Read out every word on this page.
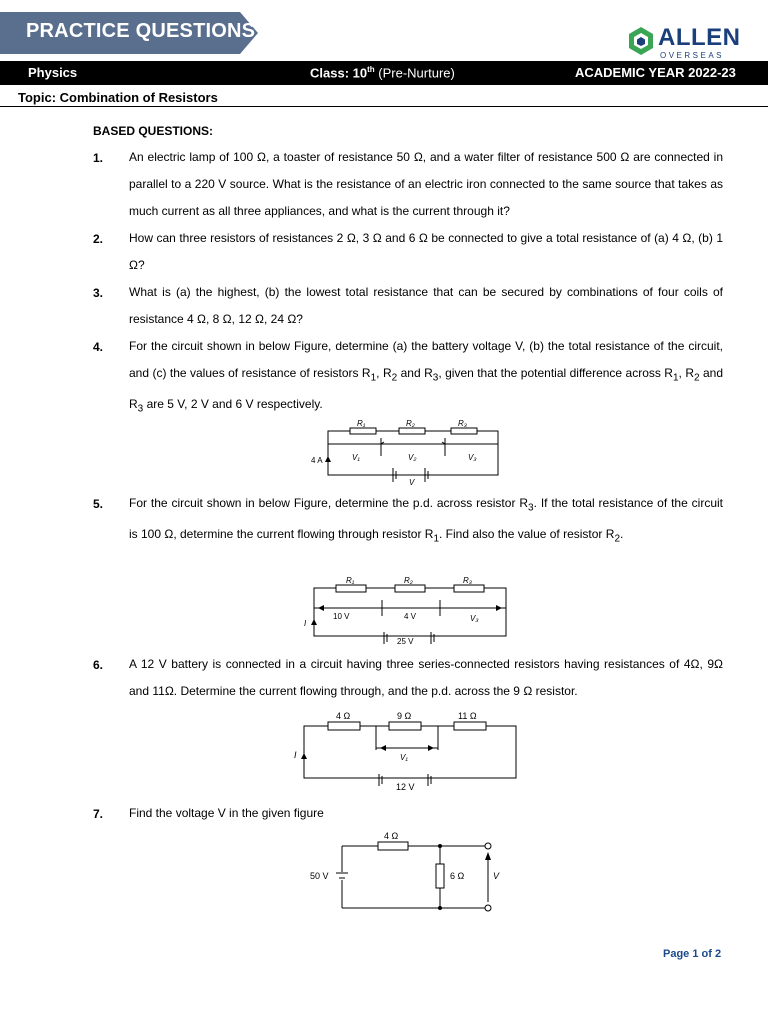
PRACTICE QUESTIONS	ALLEN
OVERSEAS
Physics	Class: 10th (Pre-Nurture)	ACADEMIC YEAR 2022-23
Topic: Combination of Resistors
BASED QUESTIONS:
1. An electric lamp of 100 Ω, a toaster of resistance 50 Ω, and a water filter of resistance 500 Ω are connected in parallel to a 220 V source. What is the resistance of an electric iron connected to the same source that takes as much current as all three appliances, and what is the current through it?
2. How can three resistors of resistances 2 Ω, 3 Ω and 6 Ω be connected to give a total resistance of (a) 4 Ω, (b) 1 Ω?
3. What is (a) the highest, (b) the lowest total resistance that can be secured by combinations of four coils of resistance 4 Ω, 8 Ω, 12 Ω, 24 Ω?
4. For the circuit shown in below Figure, determine (a) the battery voltage V, (b) the total resistance of the circuit, and (c) the values of resistance of resistors $R_1$, $R_2$ and $R_3$, given that the potential difference across $R_1$, $R_2$ and $R_3$ are 5 V, 2 V and 6 V respectively.
R₁	R₂	R₃
V₁	V₂	V₃
V
4 A
5. For the circuit shown in below Figure, determine the p.d. across resistor $R_3$. If the total resistance of the circuit is 100 Ω, determine the current flowing through resistor $R_1$. Find also the value of resistor $R_2$.
R₁	R₂	R₃
10 V	4 V	V₃
25 V
I
6. A 12 V battery is connected in a circuit having three series-connected resistors having resistances of 4Ω, 9Ω and 11Ω. Determine the current flowing through, and the p.d. across the 9 Ω resistor.
4 Ω	9 Ω	11 Ω
V₁
12 V
I
7. Find the voltage V in the given figure
4 Ω
6 Ω
50 V	V
Page 1 of 2
